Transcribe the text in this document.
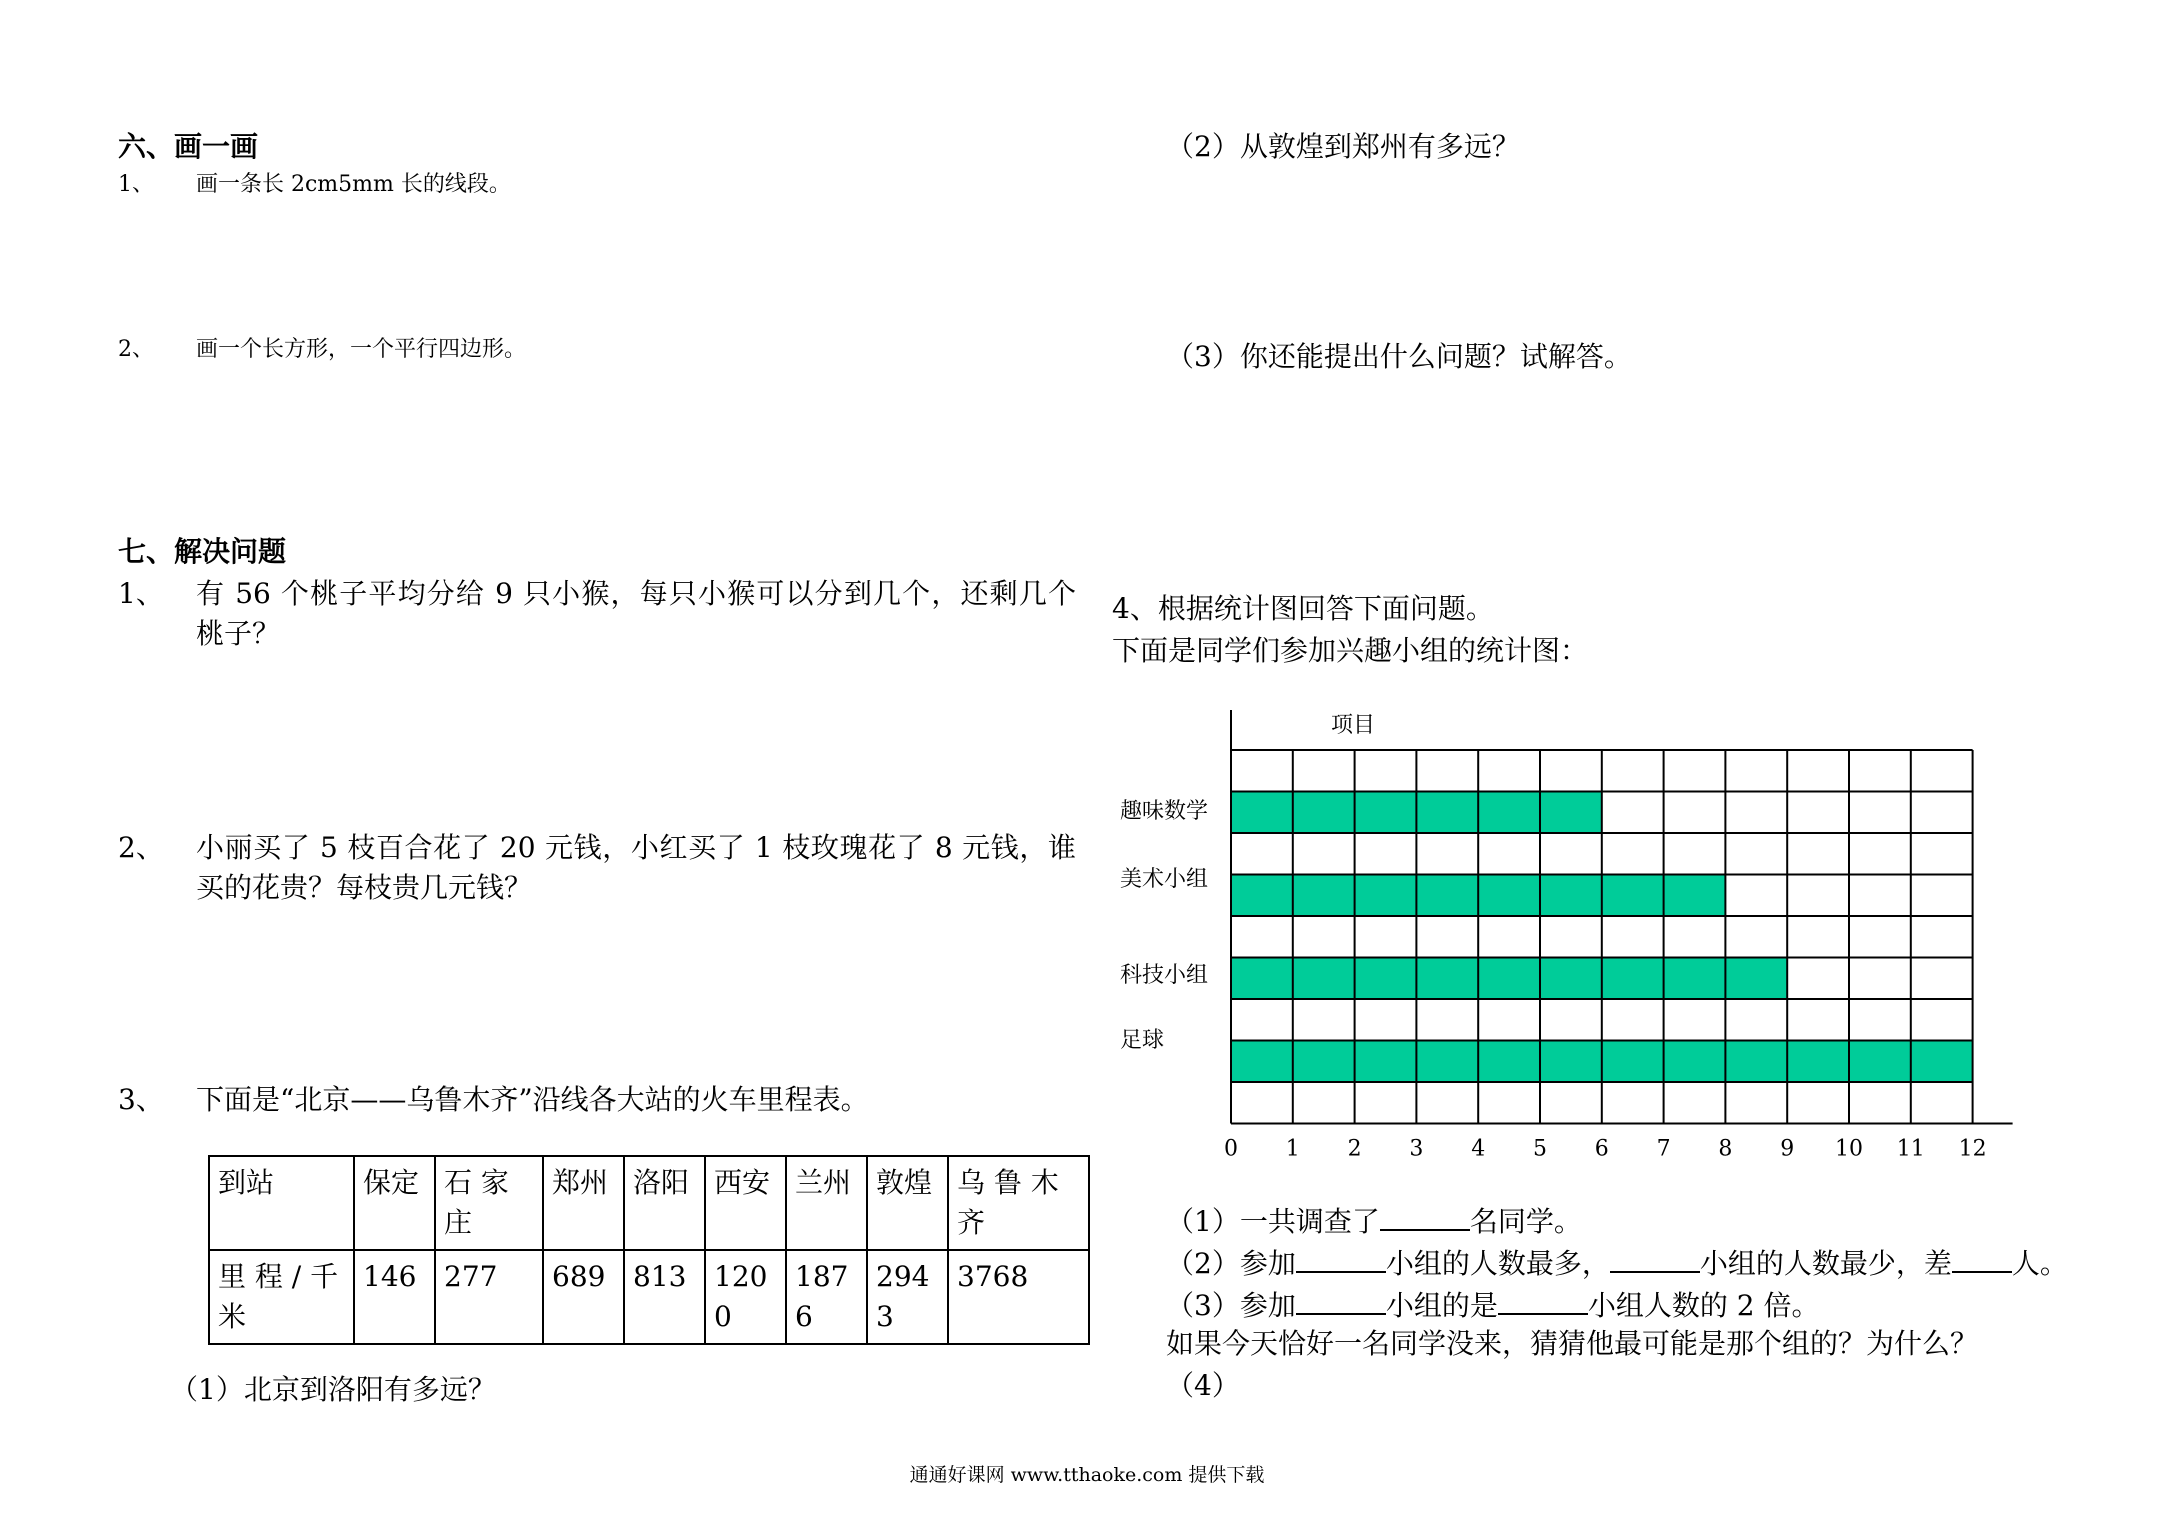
六、画一画
1、 画一条长 2cm5mm 长的线段。
2、 画一个长方形，一个平行四边形。
七、解决问题
1、 有 56 个桃子平均分给 9 只小猴，每只小猴可以分到几个，还剩几个
桃子？
2、 小丽买了 5 枝百合花了 20 元钱，小红买了 1 枝玫瑰花了 8 元钱，谁
买的花贵？每枝贵几元钱？
3、 下面是“北京——乌鲁木齐”沿线各大站的火车里程表。
到站	保定	石 家 庄	郑州	洛阳	西安	兰州	敦煌	乌 鲁 木 齐
里 程 / 千 米	146	277	689	813	1200	1876	2943	3768
（1）北京到洛阳有多远？
（2）从敦煌到郑州有多远？
（3）你还能提出什么问题？试解答。
4、根据统计图回答下面问题。
下面是同学们参加兴趣小组的统计图：
项目
趣味数学
美术小组
科技小组
足球
0 1 2 3 4 5 6 7 8 9 10 11 12
（1）一共调查了	名同学。
（2）参加	小组的人数最多，	小组的人数最少，差 人。
（3）参加	小组的是	小组人数的 2 倍。
如果今天恰好一名同学没来，猜猜他最可能是那个组的？为什么？
（4）
通通好课网 www.tthaoke.com 提供下载
